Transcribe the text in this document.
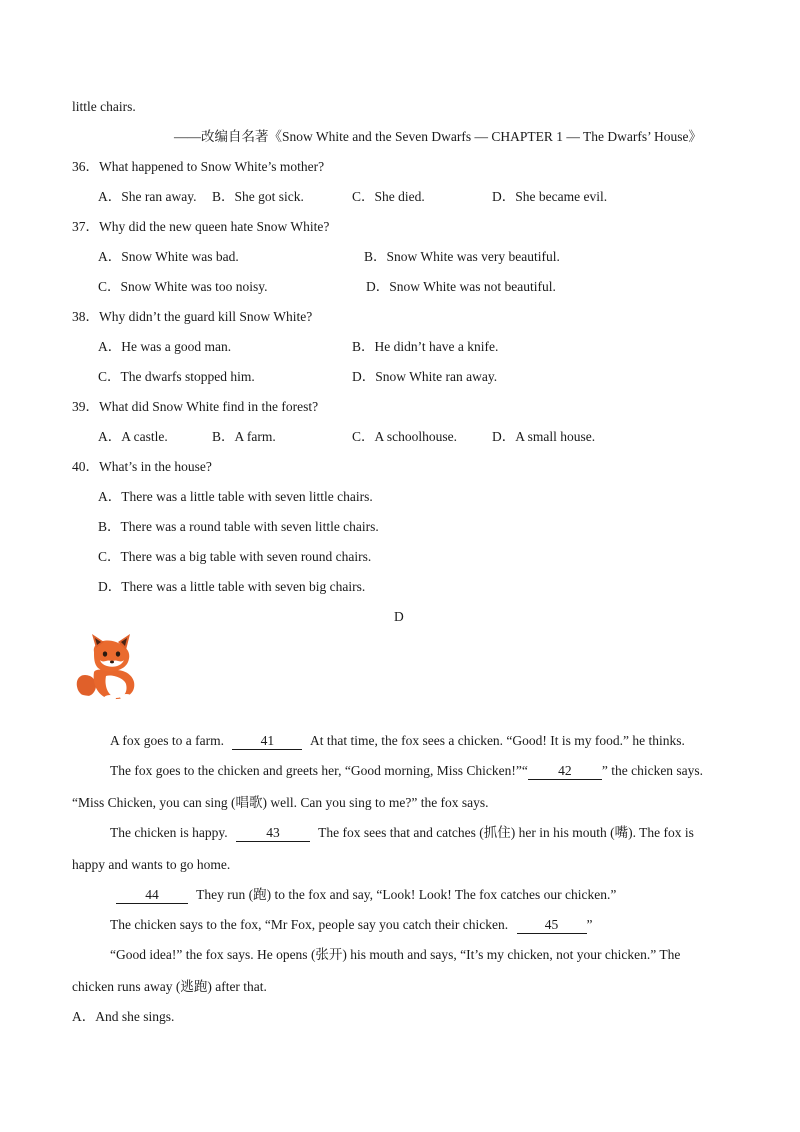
little chairs.
——改编自名著《Snow White and the Seven Dwarfs — CHAPTER 1 — The Dwarfs’ House》
36．What happened to Snow White’s mother?
A．She ran away. B．She got sick.	C．She died.	D．She became evil.
37．Why did the new queen hate Snow White?
A．Snow White was bad.	B．Snow White was very beautiful.
C．Snow White was too noisy.	D．Snow White was not beautiful.
38．Why didn’t the guard kill Snow White?
A．He was a good man.	B．He didn’t have a knife.
C．The dwarfs stopped him.	D．Snow White ran away.
39．What did Snow White find in the forest?
A．A castle.	B．A farm.	C．A schoolhouse.	D．A small house.
40．What’s in the house?
A．There was a little table with seven little chairs.
B．There was a round table with seven little chairs.
C．There was a big table with seven round chairs.
D．There was a little table with seven big chairs.
D
A fox goes to a farm.	41	At that time, the fox sees a chicken. “Good! It is my food.” he thinks.
The fox goes to the chicken and greets her, “Good morning, Miss Chicken!”“ 42 ” the chicken says.
“Miss Chicken, you can sing (唱歌) well. Can you sing to me?” the fox says.
The chicken is happy.	43	The fox sees that and catches (抓住) her in his mouth (嘴). The fox is
happy and wants to go home.
44	They run (跑) to the fox and say, “Look! Look! The fox catches our chicken.”
The chicken says to the fox, “Mr Fox, people say you catch their chicken.	45 ”
“Good idea!” the fox says. He opens (张开) his mouth and says, “It’s my chicken, not your chicken.” The
chicken runs away (逃跑) after that.
A．And she sings.
